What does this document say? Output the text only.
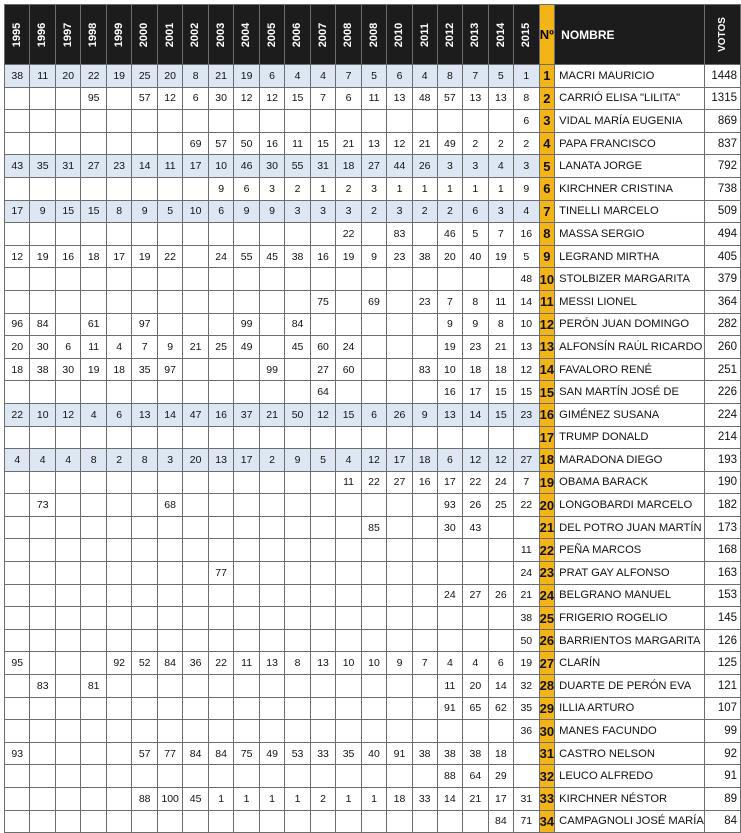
1995	1996	1997	1998	1999	2000	2001	2002	2003	2004	2005	2006	2007	2008	2008	2010	2011	2012	2013	2014	2015	Nº	NOMBRE	VOTOS
38	11	20	22	19	25	20	8	21	19	6	4	4	7	5	6	4	8	7	5	1	1	MACRI MAURICIO	1448
			95		57	12	6	30	12	12	15	7	6	11	13	48	57	13	13	8	2	CARRIÓ ELISA "LILITA"	1315
																				6	3	VIDAL MARÍA EUGENIA	869
							69	57	50	16	11	15	21	13	12	21	49	2	2	2	4	PAPA FRANCISCO	837
43	35	31	27	23	14	11	17	10	46	30	55	31	18	27	44	26	3	3	4	3	5	LANATA JORGE	792
								9	6	3	2	1	2	3	1	1	1	1	1	9	6	KIRCHNER CRISTINA	738
17	9	15	15	8	9	5	10	6	9	9	3	3	3	2	3	2	2	6	3	4	7	TINELLI MARCELO	509
													22		83		46	5	7	16	8	MASSA SERGIO	494
12	19	16	18	17	19	22		24	55	45	38	16	19	9	23	38	20	40	19	5	9	LEGRAND MIRTHA	405
																				48	10	STOLBIZER MARGARITA	379
												75		69		23	7	8	11	14	11	MESSI LIONEL	364
96	84		61		97				99		84						9	9	8	10	12	PERÓN JUAN DOMINGO	282
20	30	6	11	4	7	9	21	25	49		45	60	24				19	23	21	13	13	ALFONSÍN RAÚL RICARDO	260
18	38	30	19	18	35	97				99		27	60			83	10	18	18	12	14	FAVALORO RENÉ	251
												64					16	17	15	15	15	SAN MARTÍN JOSÉ DE	226
22	10	12	4	6	13	14	47	16	37	21	50	12	15	6	26	9	13	14	15	23	16	GIMÉNEZ SUSANA	224
																					17	TRUMP DONALD	214
4	4	4	8	2	8	3	20	13	17	2	9	5	4	12	17	18	6	12	12	27	18	MARADONA DIEGO	193
													11	22	27	16	17	22	24	7	19	OBAMA BARACK	190
	73					68											93	26	25	22	20	LONGOBARDI MARCELO	182
														85			30	43			21	DEL POTRO JUAN MARTÍN	173
																				11	22	PEÑA MARCOS	168
								77												24	23	PRAT GAY ALFONSO	163
																	24	27	26	21	24	BELGRANO MANUEL	153
																				38	25	FRIGERIO ROGELIO	145
																				50	26	BARRIENTOS MARGARITA	126
95				92	52	84	36	22	11	13	8	13	10	10	9	7	4	4	6	19	27	CLARÍN	125
	83		81														11	20	14	32	28	DUARTE DE PERÓN EVA	121
																	91	65	62	35	29	ILLIA ARTURO	107
																				36	30	MANES FACUNDO	99
93					57	77	84	84	75	49	53	33	35	40	91	38	38	38	18		31	CASTRO NELSON	92
																	88	64	29		32	LEUCO ALFREDO	91
					88	100	45	1	1	1	1	2	1	1	18	33	14	21	17	31	33	KIRCHNER NÉSTOR	89
																			84	71	34	CAMPAGNOLI JOSÉ MARÍA	84
